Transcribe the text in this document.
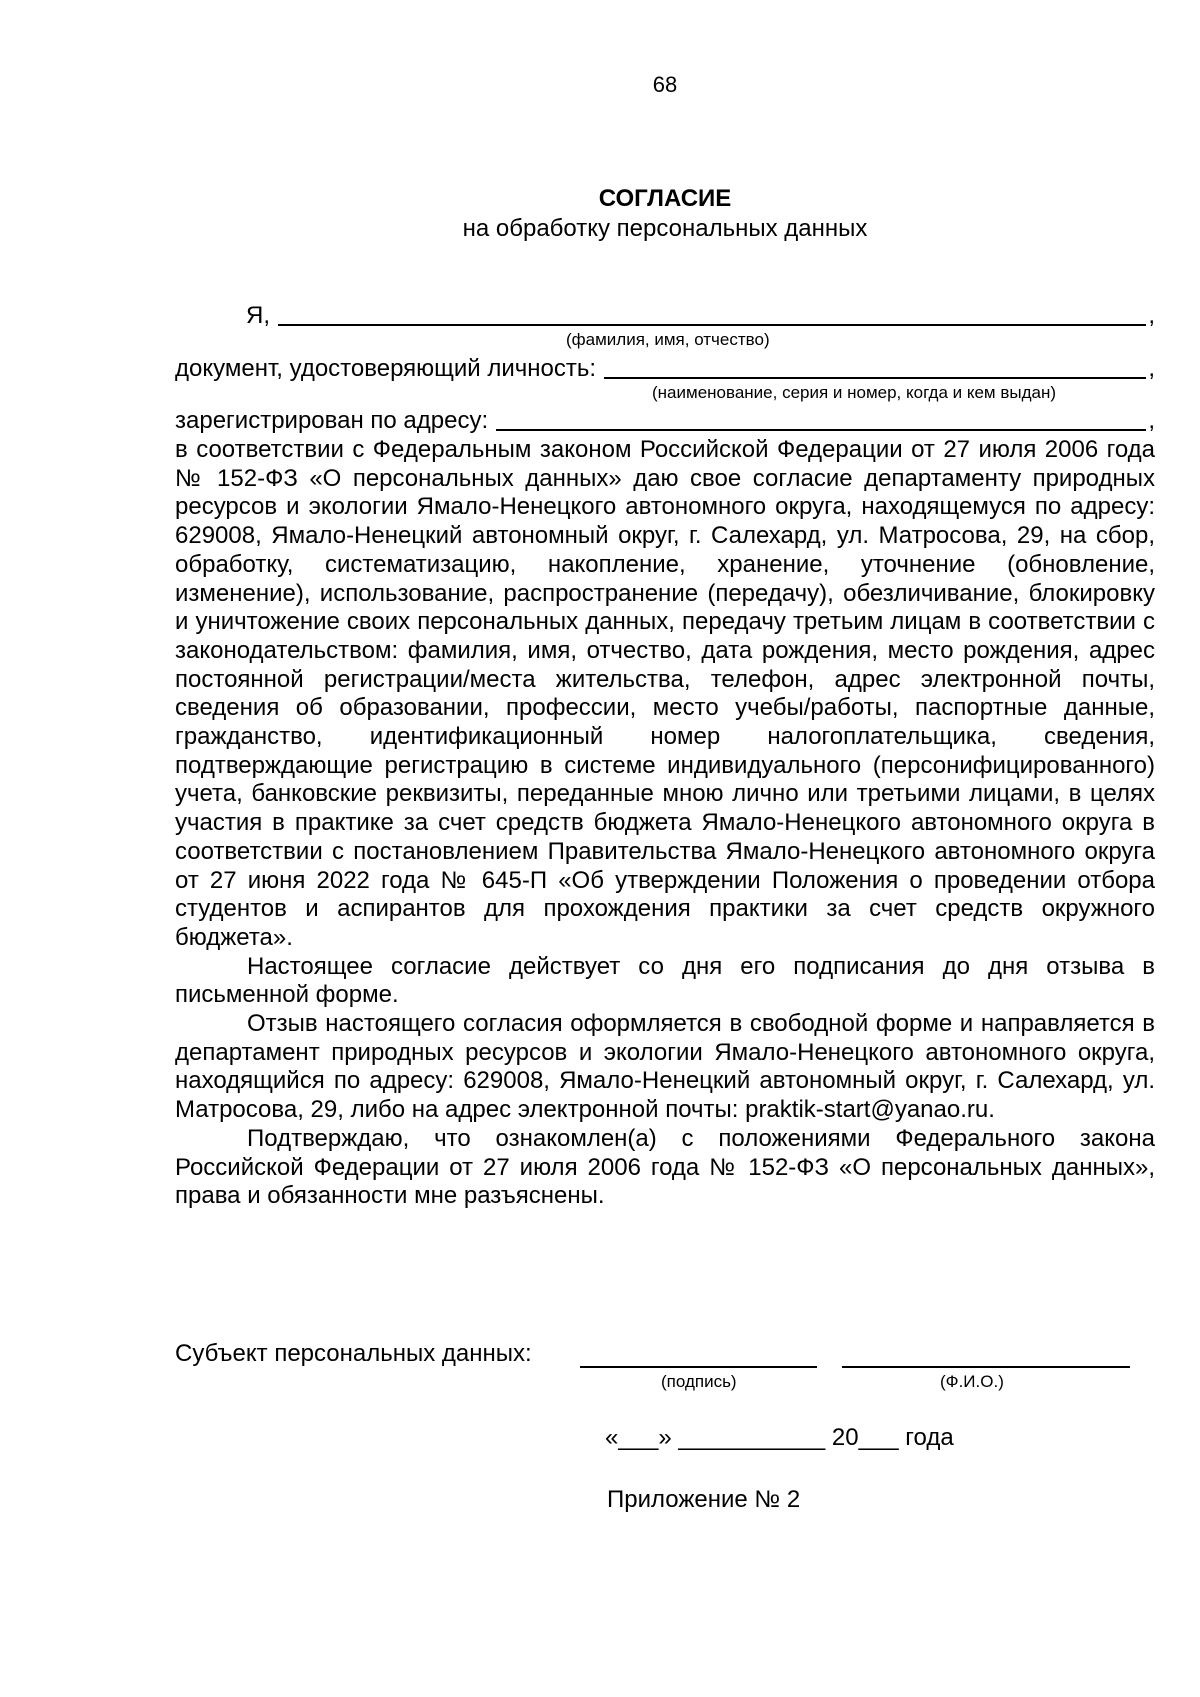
68
СОГЛАСИЕ
на обработку персональных данных
Я,	,
(фамилия, имя, отчество)
документ, удостоверяющий личность:	,
(наименование, серия и номер, когда и кем выдан)
зарегистрирован по адресу:	,

в соответствии с Федеральным законом Российской Федерации от 27 июля 2006 года № 152-ФЗ «О персональных данных» даю свое согласие департаменту природных ресурсов и экологии Ямало-Ненецкого автономного округа, находящемуся по адресу: 629008, Ямало-Ненецкий автономный округ, г. Салехард, ул. Матросова, 29, на сбор, обработку, систематизацию, накопление, хранение, уточнение (обновление, изменение), использование, распространение (передачу), обезличивание, блокировку и уничтожение своих персональных данных, передачу третьим лицам в соответствии с законодательством: фамилия, имя, отчество, дата рождения, место рождения, адрес постоянной регистрации/места жительства, телефон, адрес электронной почты, сведения об образовании, профессии, место учебы/работы, паспортные данные, гражданство, идентификационный номер налогоплательщика, сведения, подтверждающие регистрацию в системе индивидуального (персонифицированного) учета, банковские реквизиты, переданные мною лично или третьими лицами, в целях участия в практике за счет средств бюджета Ямало-Ненецкого автономного округа в соответствии с постановлением Правительства Ямало-Ненецкого автономного округа от 27 июня 2022 года № 645-П «Об утверждении Положения о проведении отбора студентов и аспирантов для прохождения практики за счет средств окружного бюджета».

Настоящее согласие действует со дня его подписания до дня отзыва в письменной форме.

Отзыв настоящего согласия оформляется в свободной форме и направляется в департамент природных ресурсов и экологии Ямало-Ненецкого автономного округа, находящийся по адресу: 629008, Ямало-Ненецкий автономный округ, г. Салехард, ул. Матросова, 29, либо на адрес электронной почты: praktik-start@yanao.ru.

Подтверждаю, что ознакомлен(а) с положениями Федерального закона Российской Федерации от 27 июля 2006 года № 152-ФЗ «О персональных данных», права и обязанности мне разъяснены.

Субъект персональных данных:
(подпись)	(Ф.И.О.)
«___» ___________ 20___ года
Приложение № 2
